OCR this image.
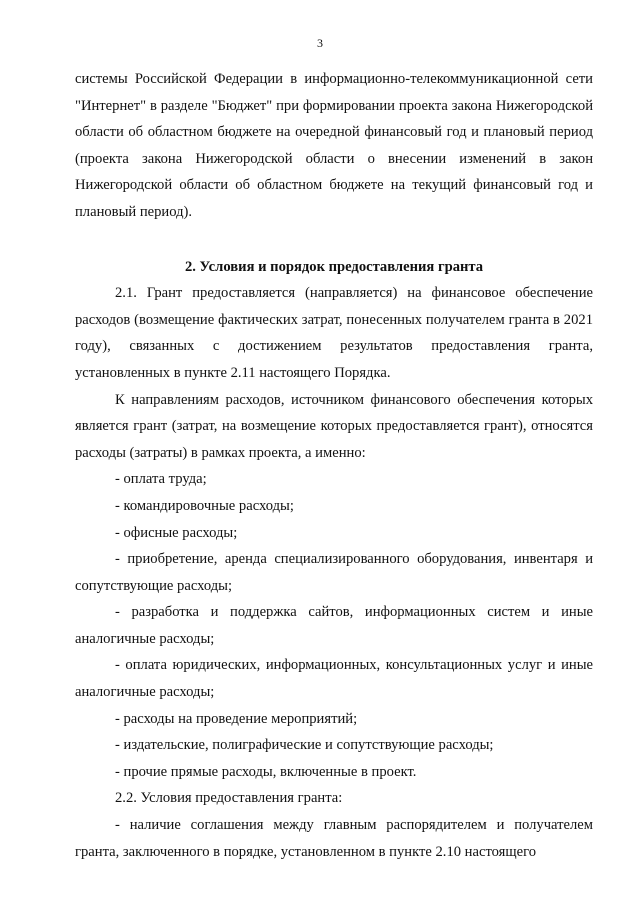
3

системы Российской Федерации в информационно-телекоммуникационной сети "Интернет" в разделе "Бюджет" при формировании проекта закона Нижегородской области об областном бюджете на очередной финансовый год и плановый период (проекта закона Нижегородской области о внесении изменений в закон Нижегородской области об областном бюджете на текущий финансовый год и плановый период).

2. Условия и порядок предоставления гранта

2.1. Грант предоставляется (направляется) на финансовое обеспечение расходов (возмещение фактических затрат, понесенных получателем гранта в 2021 году), связанных с достижением результатов предоставления гранта, установленных в пункте 2.11 настоящего Порядка.

К направлениям расходов, источником финансового обеспечения которых является грант (затрат, на возмещение которых предоставляется грант), относятся расходы (затраты) в рамках проекта, а именно:

- оплата труда;

- командировочные расходы;

- офисные расходы;

- приобретение, аренда специализированного оборудования, инвентаря и сопутствующие расходы;

- разработка и поддержка сайтов, информационных систем и иные аналогичные расходы;

- оплата юридических, информационных, консультационных услуг и иные аналогичные расходы;

- расходы на проведение мероприятий;

- издательские, полиграфические и сопутствующие расходы;

- прочие прямые расходы, включенные в проект.

2.2. Условия предоставления гранта:

- наличие соглашения между главным распорядителем и получателем гранта, заключенного в порядке, установленном в пункте 2.10 настоящего
